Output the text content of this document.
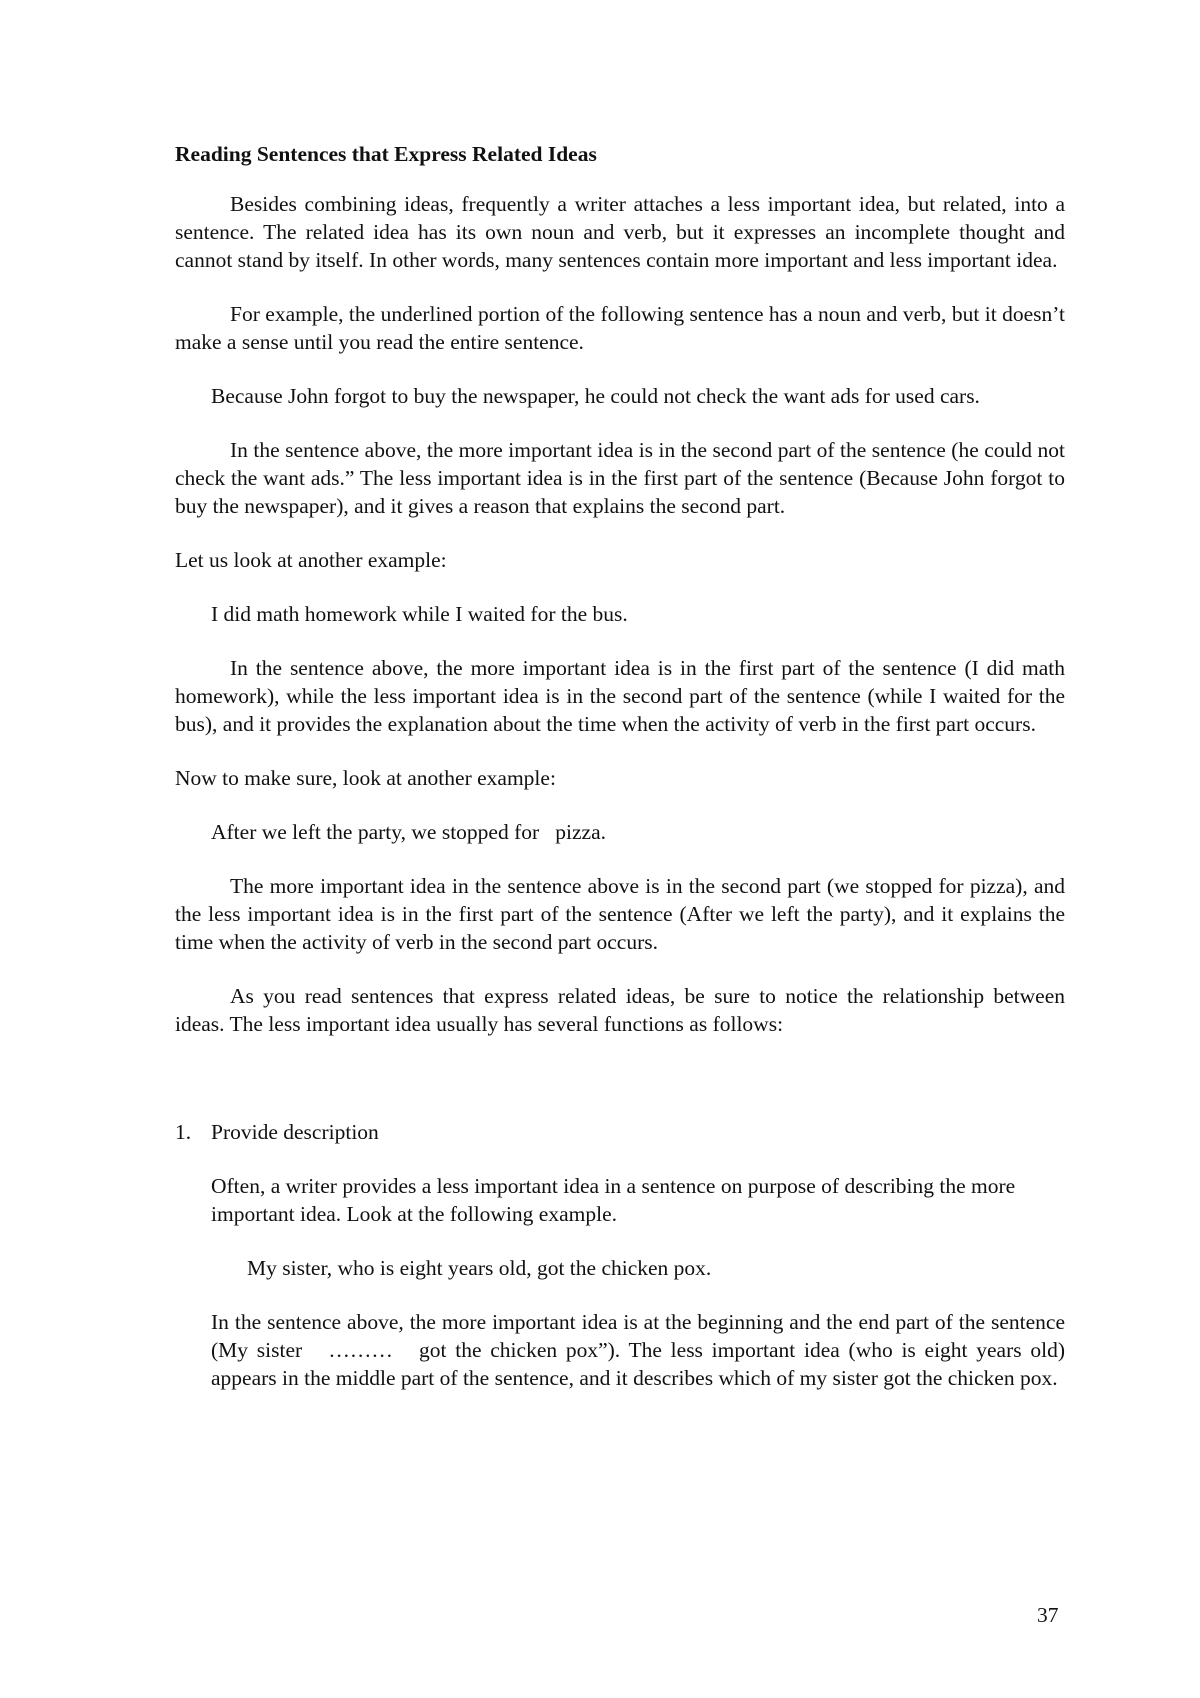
Reading Sentences that Express Related Ideas

Besides combining ideas, frequently a writer attaches a less important idea, but related, into a sentence. The related idea has its own noun and verb, but it expresses an incomplete thought and cannot stand by itself. In other words, many sentences contain more important and less important idea.

For example, the underlined portion of the following sentence has a noun and verb, but it doesn’t make a sense until you read the entire sentence.

Because John forgot to buy the newspaper, he could not check the want ads for used cars.

In the sentence above, the more important idea is in the second part of the sentence (he could not check the want ads.” The less important idea is in the first part of the sentence (Because John forgot to buy the newspaper), and it gives a reason that explains the second part.

Let us look at another example:

I did math homework while I waited for the bus.

In the sentence above, the more important idea is in the first part of the sentence (I did math homework), while the less important idea is in the second part of the sentence (while I waited for the bus), and it provides the explanation about the time when the activity of verb in the first part occurs.

Now to make sure, look at another example:

After we left the party, we stopped for   pizza.

The more important idea in the sentence above is in the second part (we stopped for pizza), and the less important idea is in the first part of the sentence (After we left the party), and it explains the time when the activity of verb in the second part occurs.

As you read sentences that express related ideas, be sure to notice the relationship between ideas. The less important idea usually has several functions as follows:

1. Provide description

Often, a writer provides a less important idea in a sentence on purpose of describing the more important idea. Look at the following example.

My sister, who is eight years old, got the chicken pox.

In the sentence above, the more important idea is at the beginning and the end part of the sentence (My sister   ………   got the chicken pox”). The less important idea (who is eight years old) appears in the middle part of the sentence, and it describes which of my sister got the chicken pox.

37
